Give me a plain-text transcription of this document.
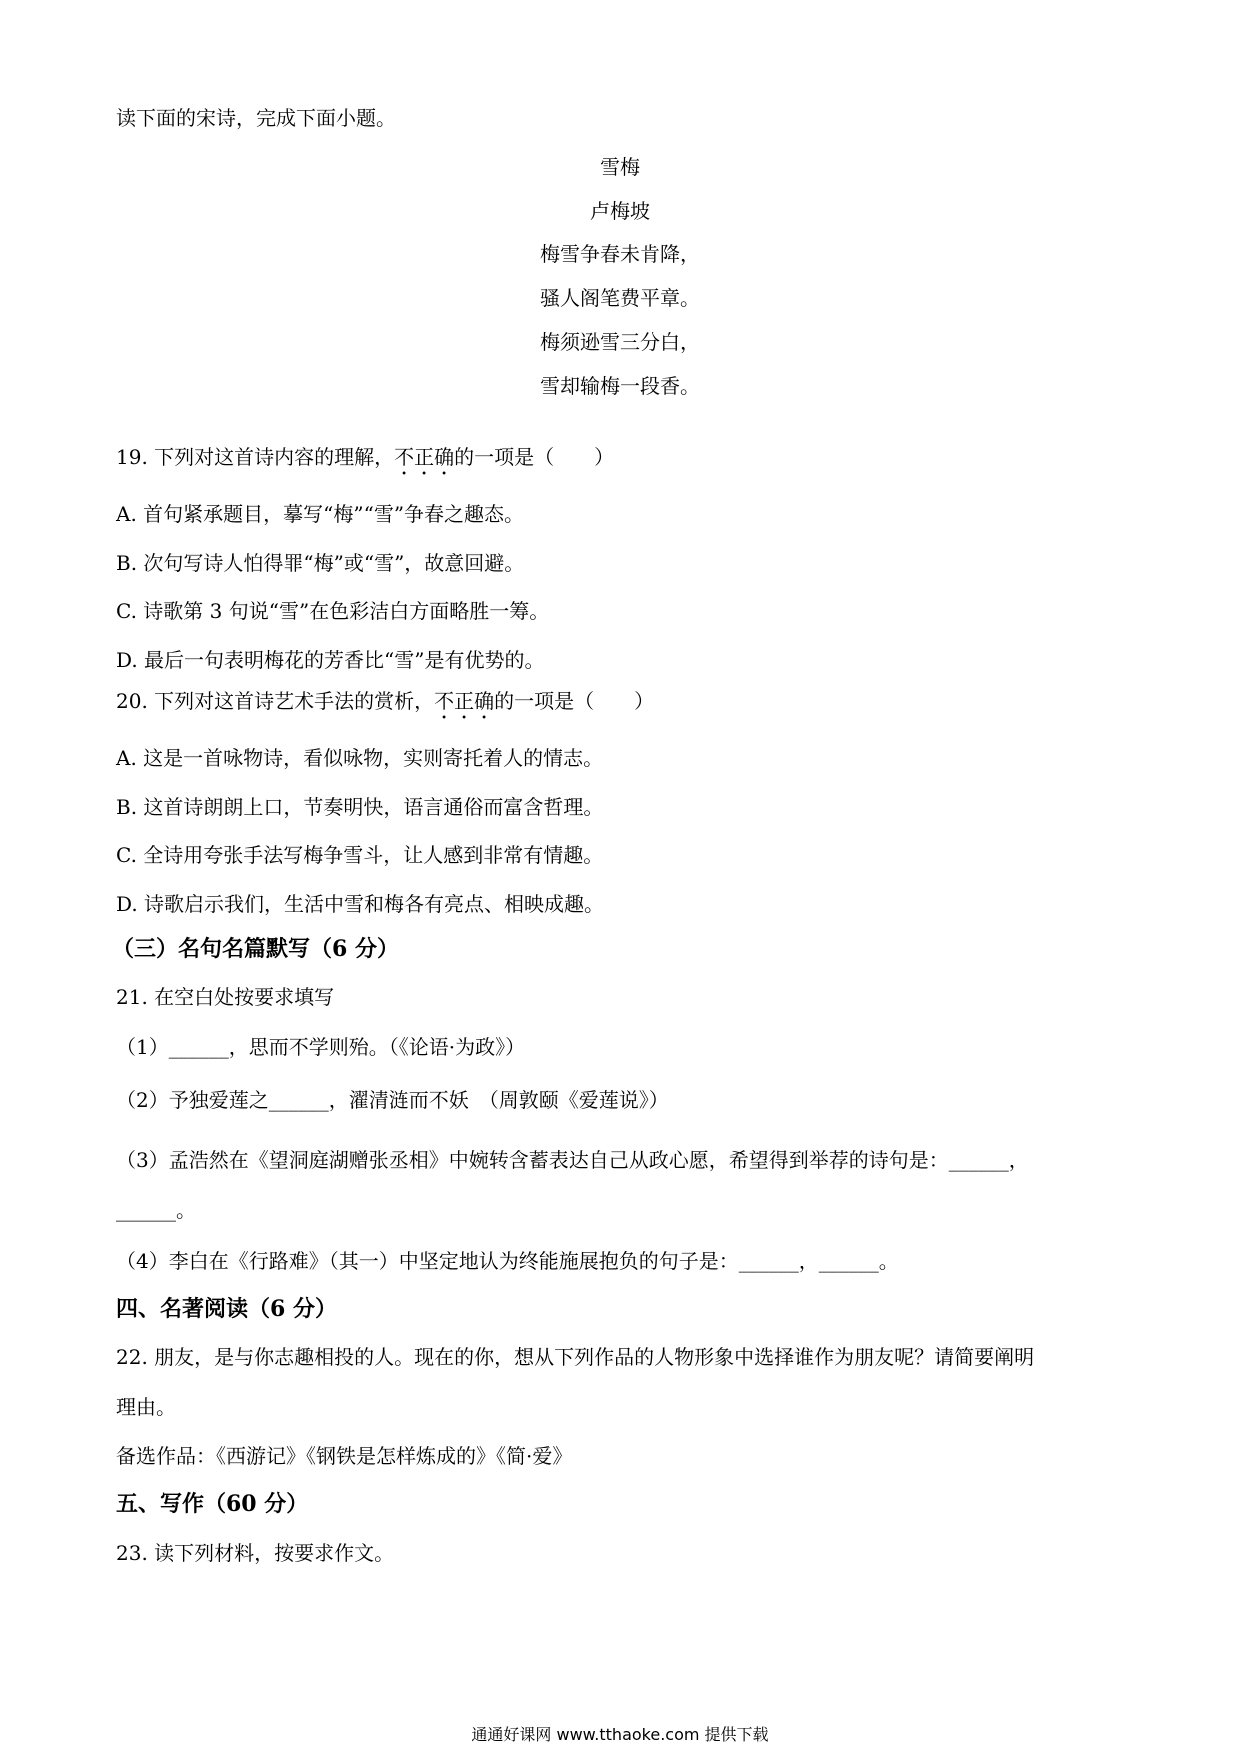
读下面的宋诗，完成下面小题。
雪梅
卢梅坡
梅雪争春未肯降，
骚人阁笔费平章。
梅须逊雪三分白，
雪却输梅一段香。
19. 下列对这首诗内容的理解，不正确的一项是（　　）
A. 首句紧承题目，摹写“梅”“雪”争春之趣态。
B. 次句写诗人怕得罪“梅”或“雪”，故意回避。
C. 诗歌第 3 句说“雪”在色彩洁白方面略胜一筹。
D. 最后一句表明梅花的芳香比“雪”是有优势的。
20. 下列对这首诗艺术手法的赏析，不正确的一项是（　　）
A. 这是一首咏物诗，看似咏物，实则寄托着人的情志。
B. 这首诗朗朗上口，节奏明快，语言通俗而富含哲理。
C. 全诗用夸张手法写梅争雪斗，让人感到非常有情趣。
D. 诗歌启示我们，生活中雪和梅各有亮点、相映成趣。
（三）名句名篇默写（6 分）
21. 在空白处按要求填写
（1）______，思而不学则殆。（《论语·为政》）
（2）予独爱莲之______，濯清涟而不妖　（周敦颐《爱莲说》）
（3）孟浩然在《望洞庭湖赠张丞相》中婉转含蓄表达自己从政心愿，希望得到举荐的诗句是：______，
______。
（4）李白在《行路难》（其一）中坚定地认为终能施展抱负的句子是：______，______。
四、名著阅读（6 分）
22. 朋友，是与你志趣相投的人。现在的你，想从下列作品的人物形象中选择谁作为朋友呢？请简要阐明
理由。
备选作品：《西游记》《钢铁是怎样炼成的》《简·爱》
五、写作（60 分）
23. 读下列材料，按要求作文。
通通好课网 www.tthaoke.com 提供下载
